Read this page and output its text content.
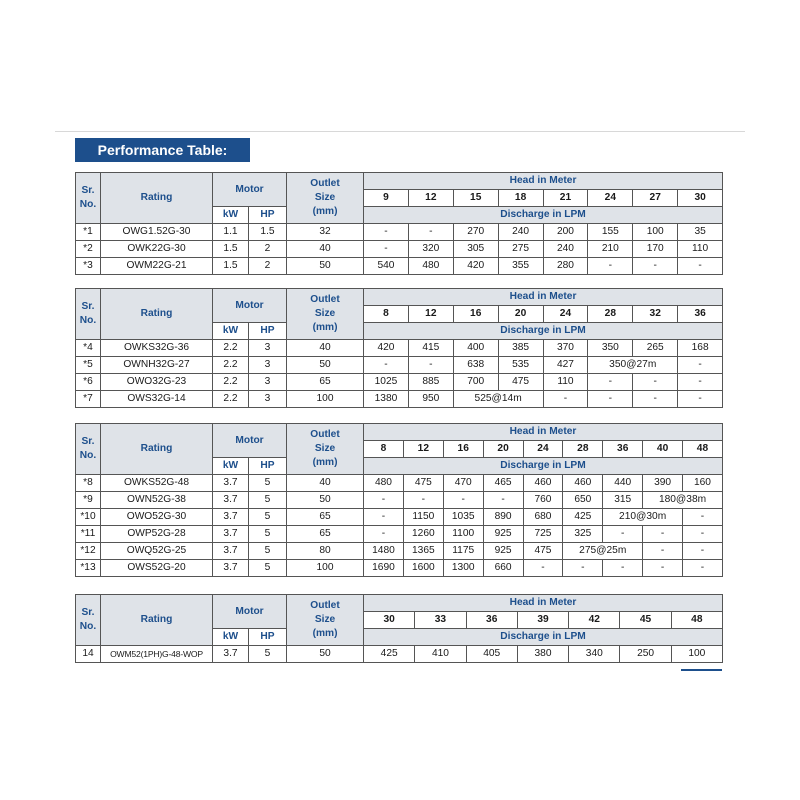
Performance Table:
Sr.
No.	Rating	Motor		Outlet
Size
(mm)	Head in Meter							
					9	12	15	18	21	24	27	30
		kW	HP		Discharge in LPM							
*1	OWG1.52G-30	1.1	1.5	32	-	-	270	240	200	155	100	35
*2	OWK22G-30	1.5	2	40	-	320	305	275	240	210	170	110
*3	OWM22G-21	1.5	2	50	540	480	420	355	280	-	-	-
Sr.
No.	Rating	Motor		Outlet
Size
(mm)	Head in Meter							
					8	12	16	20	24	28	32	36
		kW	HP		Discharge in LPM							
*4	OWKS32G-36	2.2	3	40	420	415	400	385	370	350	265	168
*5	OWNH32G-27	2.2	3	50	-	-	638	535	427	350@27m		-
*6	OWO32G-23	2.2	3	65	1025	885	700	475	110	-	-	-
*7	OWS32G-14	2.2	3	100	1380	950	525@14m		-	-	-	-
Sr.
No.	Rating	Motor		Outlet
Size
(mm)	Head in Meter								
					8	12	16	20	24	28	36	40	48
		kW	HP		Discharge in LPM								
*8	OWKS52G-48	3.7	5	40	480	475	470	465	460	460	440	390	160
*9	OWN52G-38	3.7	5	50	-	-	-	-	760	650	315	180@38m	
*10	OWO52G-30	3.7	5	65	-	1150	1035	890	680	425	210@30m		-
*11	OWP52G-28	3.7	5	65	-	1260	1100	925	725	325	-	-	-
*12	OWQ52G-25	3.7	5	80	1480	1365	1175	925	475	275@25m		-	-
*13	OWS52G-20	3.7	5	100	1690	1600	1300	660	-	-	-	-	-
Sr.
No.	Rating	Motor		Outlet
Size
(mm)	Head in Meter						
					30	33	36	39	42	45	48
		kW	HP		Discharge in LPM						
14	OWM52(1PH)G-48-WOP	3.7	5	50	425	410	405	380	340	250	100
